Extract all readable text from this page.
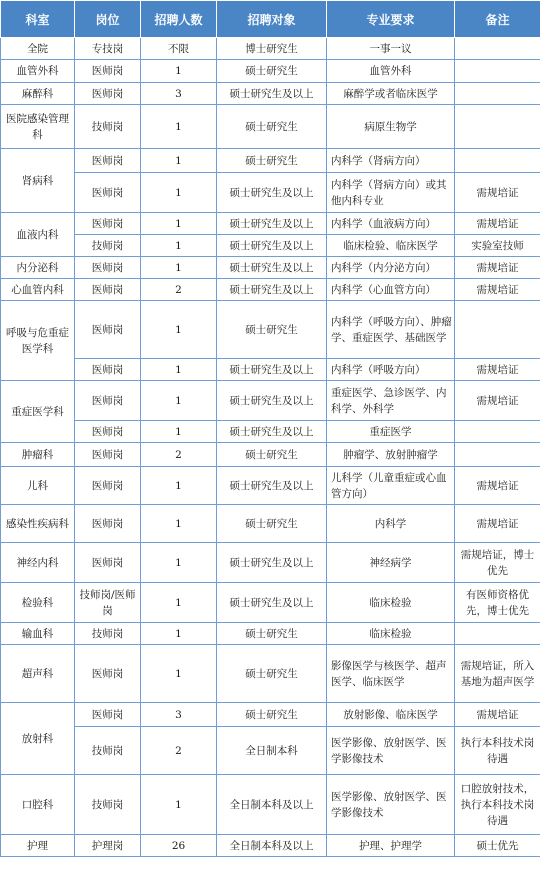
科室	岗位	招聘人数	招聘对象	专业要求	备注
全院	专技岗	不限	博士研究生	一事一议	
血管外科	医师岗	1	硕士研究生	血管外科	
麻醉科	医师岗	3	硕士研究生及以上	麻醉学或者临床医学	
医院感染管理科	技师岗	1	硕士研究生	病原生物学	
肾病科	医师岗	1	硕士研究生	内科学（肾病方向）	
	医师岗	1	硕士研究生及以上	内科学（肾病方向）或其他内科专业	需规培证
血液内科	医师岗	1	硕士研究生及以上	内科学（血液病方向）	需规培证
	技师岗	1	硕士研究生及以上	临床检验、临床医学	实验室技师
内分泌科	医师岗	1	硕士研究生及以上	内科学（内分泌方向）	需规培证
心血管内科	医师岗	2	硕士研究生及以上	内科学（心血管方向）	需规培证
呼吸与危重症医学科	医师岗	1	硕士研究生	内科学（呼吸方向）、肿瘤学、重症医学、基础医学	
	医师岗	1	硕士研究生及以上	内科学（呼吸方向）	需规培证
重症医学科	医师岗	1	硕士研究生及以上	重症医学、急诊医学、内科学、外科学	需规培证
	医师岗	1	硕士研究生及以上	重症医学	
肿瘤科	医师岗	2	硕士研究生	肿瘤学、放射肿瘤学	
儿科	医师岗	1	硕士研究生及以上	儿科学（儿童重症或心血管方向）	需规培证
感染性疾病科	医师岗	1	硕士研究生	内科学	需规培证
神经内科	医师岗	1	硕士研究生及以上	神经病学	需规培证，博士优先
检验科	技师岗/医师岗	1	硕士研究生及以上	临床检验	有医师资格优先，博士优先
输血科	技师岗	1	硕士研究生	临床检验	
超声科	医师岗	1	硕士研究生	影像医学与核医学、超声医学、临床医学	需规培证，所入基地为超声医学
放射科	医师岗	3	硕士研究生	放射影像、临床医学	需规培证
	技师岗	2	全日制本科	医学影像、放射医学、医学影像技术	执行本科技术岗待遇
口腔科	技师岗	1	全日制本科及以上	医学影像、放射医学、医学影像技术	口腔放射技术，执行本科技术岗待遇
护理	护理岗	26	全日制本科及以上	护理、护理学	硕士优先
